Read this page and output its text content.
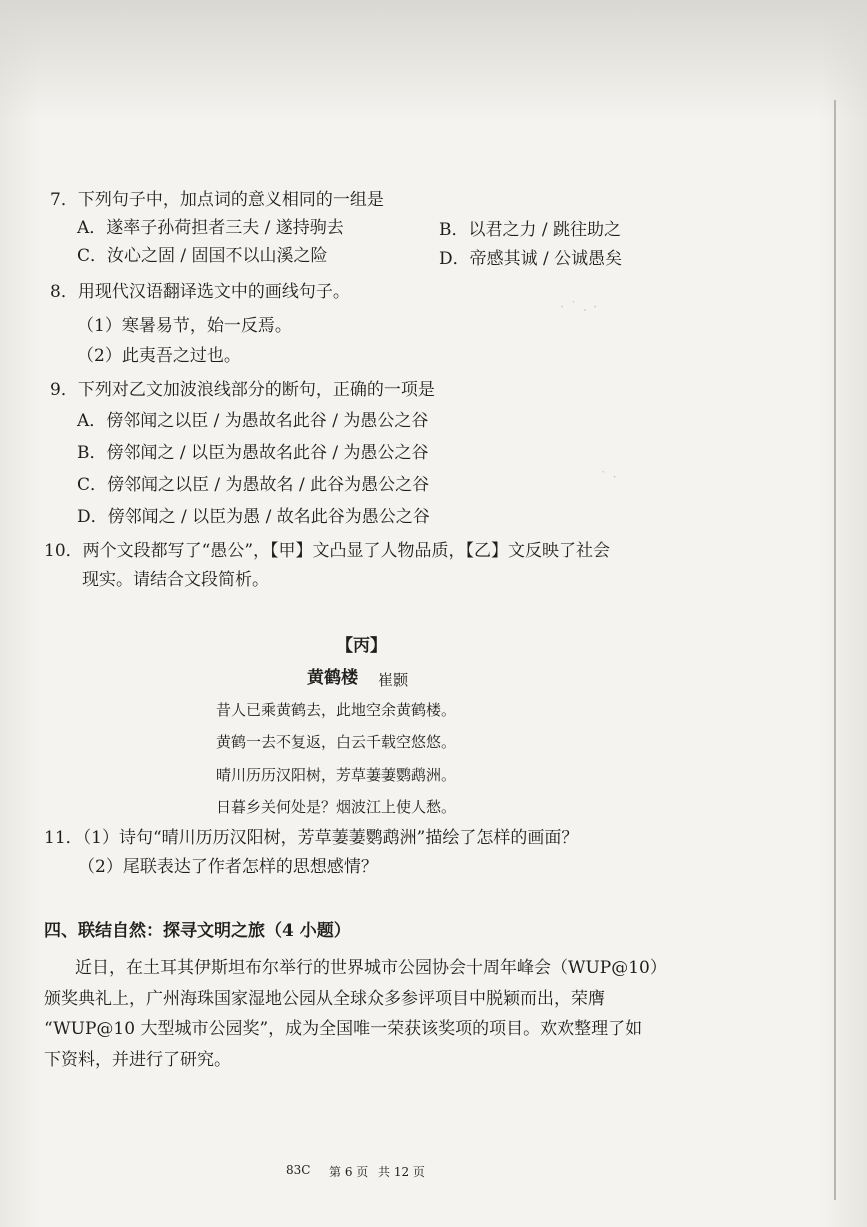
· ˙ . ·
˙ ·
7．下列句子中，加点词的意义相同的一组是
A．遂率子孙荷担者三夫 / 遂持驹去	B．以君之力 / 跳往助之
C．汝心之固 / 固国不以山溪之险	D．帝感其诚 / 公诚愚矣
8．用现代汉语翻译选文中的画线句子。
（1）寒暑易节，始一反焉。
（2）此夷吾之过也。
9．下列对乙文加波浪线部分的断句，正确的一项是
A．傍邻闻之以臣 / 为愚故名此谷 / 为愚公之谷
B．傍邻闻之 / 以臣为愚故名此谷 / 为愚公之谷
C．傍邻闻之以臣 / 为愚故名 / 此谷为愚公之谷
D．傍邻闻之 / 以臣为愚 / 故名此谷为愚公之谷
10．两个文段都写了“愚公”，【甲】文凸显了人物品质，【乙】文反映了社会
现实。请结合文段简析。
【丙】
黄鹤楼 崔颢
昔人已乘黄鹤去，此地空余黄鹤楼。
黄鹤一去不复返，白云千载空悠悠。
晴川历历汉阳树，芳草萋萋鹦鹉洲。
日暮乡关何处是？烟波江上使人愁。
11．（1）诗句“晴川历历汉阳树，芳草萋萋鹦鹉洲”描绘了怎样的画面？
（2）尾联表达了作者怎样的思想感情？
四、联结自然：探寻文明之旅（4 小题）
近日，在土耳其伊斯坦布尔举行的世界城市公园协会十周年峰会（WUP@10）
颁奖典礼上，广州海珠国家湿地公园从全球众多参评项目中脱颖而出，荣膺
“WUP@10 大型城市公园奖”，成为全国唯一荣获该奖项的项目。欢欢整理了如
下资料，并进行了研究。
83C 第 6 页 共 12 页
